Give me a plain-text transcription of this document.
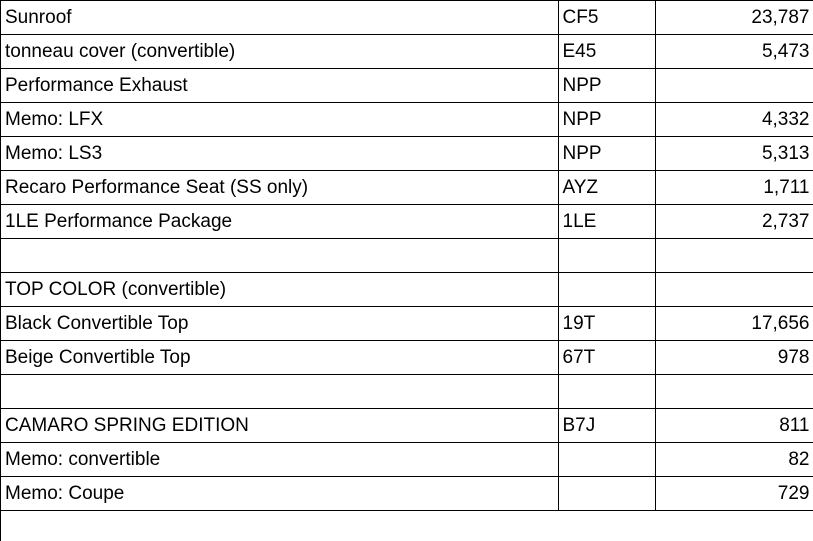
Sunroof	CF5	23,787
tonneau cover (convertible)	E45	5,473
Performance Exhaust	NPP	
Memo: LFX	NPP	4,332
Memo: LS3	NPP	5,313
Recaro Performance Seat (SS only)	AYZ	1,711
1LE Performance Package	1LE	2,737

TOP COLOR (convertible)		
Black Convertible Top	19T	17,656
Beige Convertible Top	67T	978

CAMARO SPRING EDITION	B7J	811
Memo: convertible		82
Memo: Coupe		729
